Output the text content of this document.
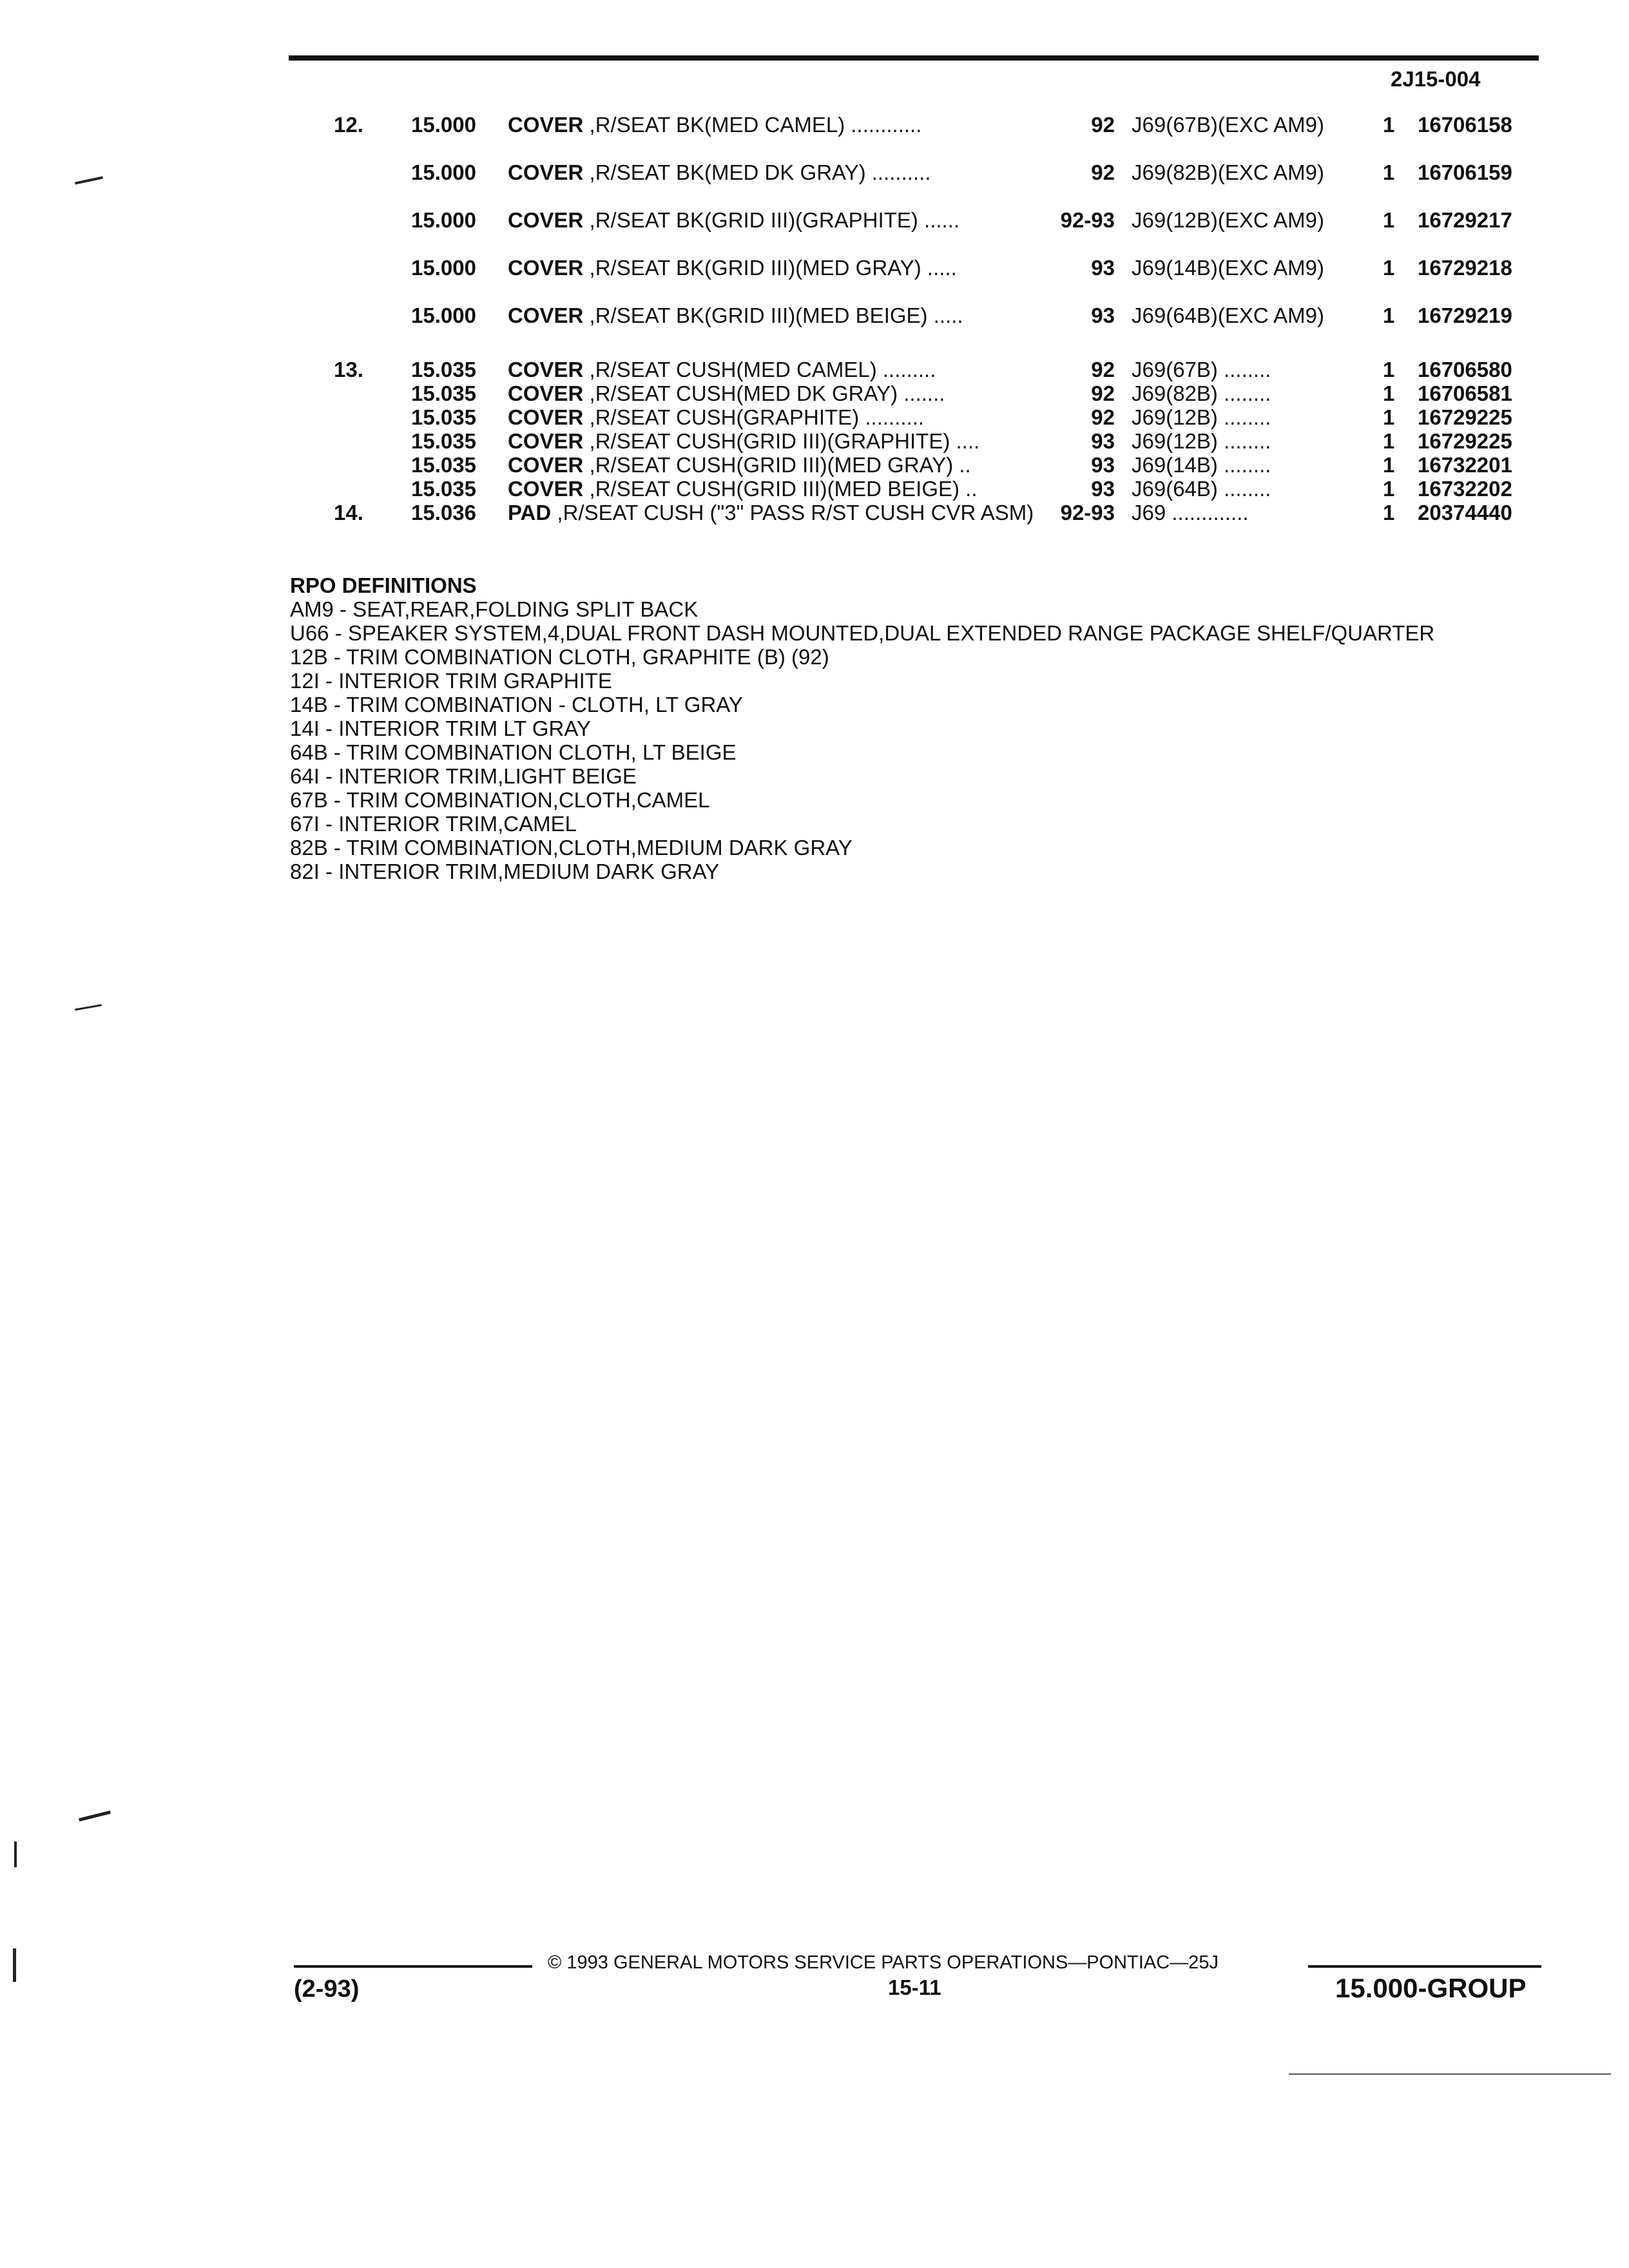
2J15-004
12. 15.000 COVER ,R/SEAT BK(MED CAMEL) ............	92 J69(67B)(EXC AM9)	1 16706158
15.000 COVER ,R/SEAT BK(MED DK GRAY) ..........	92 J69(82B)(EXC AM9)	1 16706159
15.000 COVER ,R/SEAT BK(GRID III)(GRAPHITE) ......	92-93 J69(12B)(EXC AM9)	1 16729217
15.000 COVER ,R/SEAT BK(GRID III)(MED GRAY) .....	93 J69(14B)(EXC AM9)	1 16729218
15.000 COVER ,R/SEAT BK(GRID III)(MED BEIGE) .....	93 J69(64B)(EXC AM9)	1 16729219
13. 15.035 COVER ,R/SEAT CUSH(MED CAMEL) .........	92 J69(67B) ........	1 16706580
15.035 COVER ,R/SEAT CUSH(MED DK GRAY) .......	92 J69(82B) ........	1 16706581
15.035 COVER ,R/SEAT CUSH(GRAPHITE) ..........	92 J69(12B) ........	1 16729225
15.035 COVER ,R/SEAT CUSH(GRID III)(GRAPHITE) ....	93 J69(12B) ........	1 16729225
15.035 COVER ,R/SEAT CUSH(GRID III)(MED GRAY) ..	93 J69(14B) ........	1 16732201
15.035 COVER ,R/SEAT CUSH(GRID III)(MED BEIGE) ..	93 J69(64B) ........	1 16732202
14. 15.036 PAD ,R/SEAT CUSH ("3" PASS R/ST CUSH CVR ASM)	92-93 J69 .............	1 20374440
RPO DEFINITIONS
AM9 - SEAT,REAR,FOLDING SPLIT BACK
U66 - SPEAKER SYSTEM,4,DUAL FRONT DASH MOUNTED,DUAL EXTENDED RANGE PACKAGE SHELF/QUARTER
12B - TRIM COMBINATION CLOTH, GRAPHITE (B) (92)
12I - INTERIOR TRIM GRAPHITE
14B - TRIM COMBINATION - CLOTH, LT GRAY
14I - INTERIOR TRIM LT GRAY
64B - TRIM COMBINATION CLOTH, LT BEIGE
64I - INTERIOR TRIM,LIGHT BEIGE
67B - TRIM COMBINATION,CLOTH,CAMEL
67I - INTERIOR TRIM,CAMEL
82B - TRIM COMBINATION,CLOTH,MEDIUM DARK GRAY
82I - INTERIOR TRIM,MEDIUM DARK GRAY
© 1993 GENERAL MOTORS SERVICE PARTS OPERATIONS—PONTIAC—25J
(2-93)	15-11	15.000-GROUP
